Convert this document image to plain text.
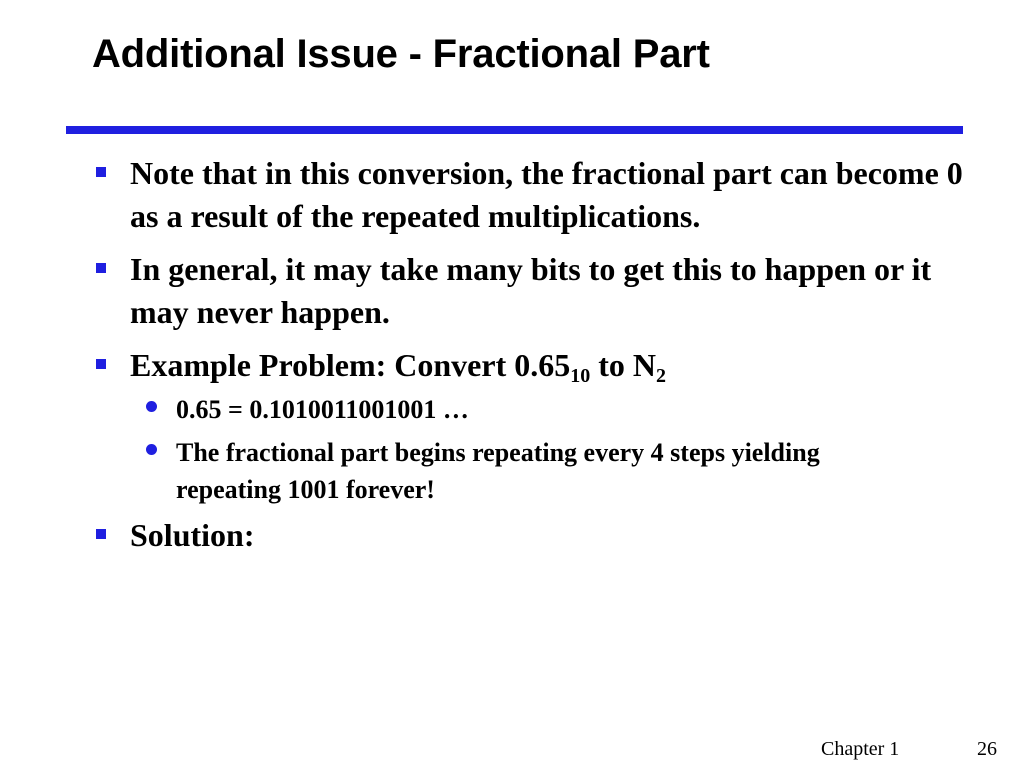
Additional Issue - Fractional Part
Note that in this conversion, the fractional part can become 0 as a result of the repeated multiplications.
In general, it may take many bits to get this to happen or it may never happen.
Example Problem: Convert $0.65_{10}$ to $N_2$
0.65 = 0.1010011001001 …
The fractional part begins repeating every 4 steps yielding repeating 1001 forever!
Solution:
Chapter 1	26
